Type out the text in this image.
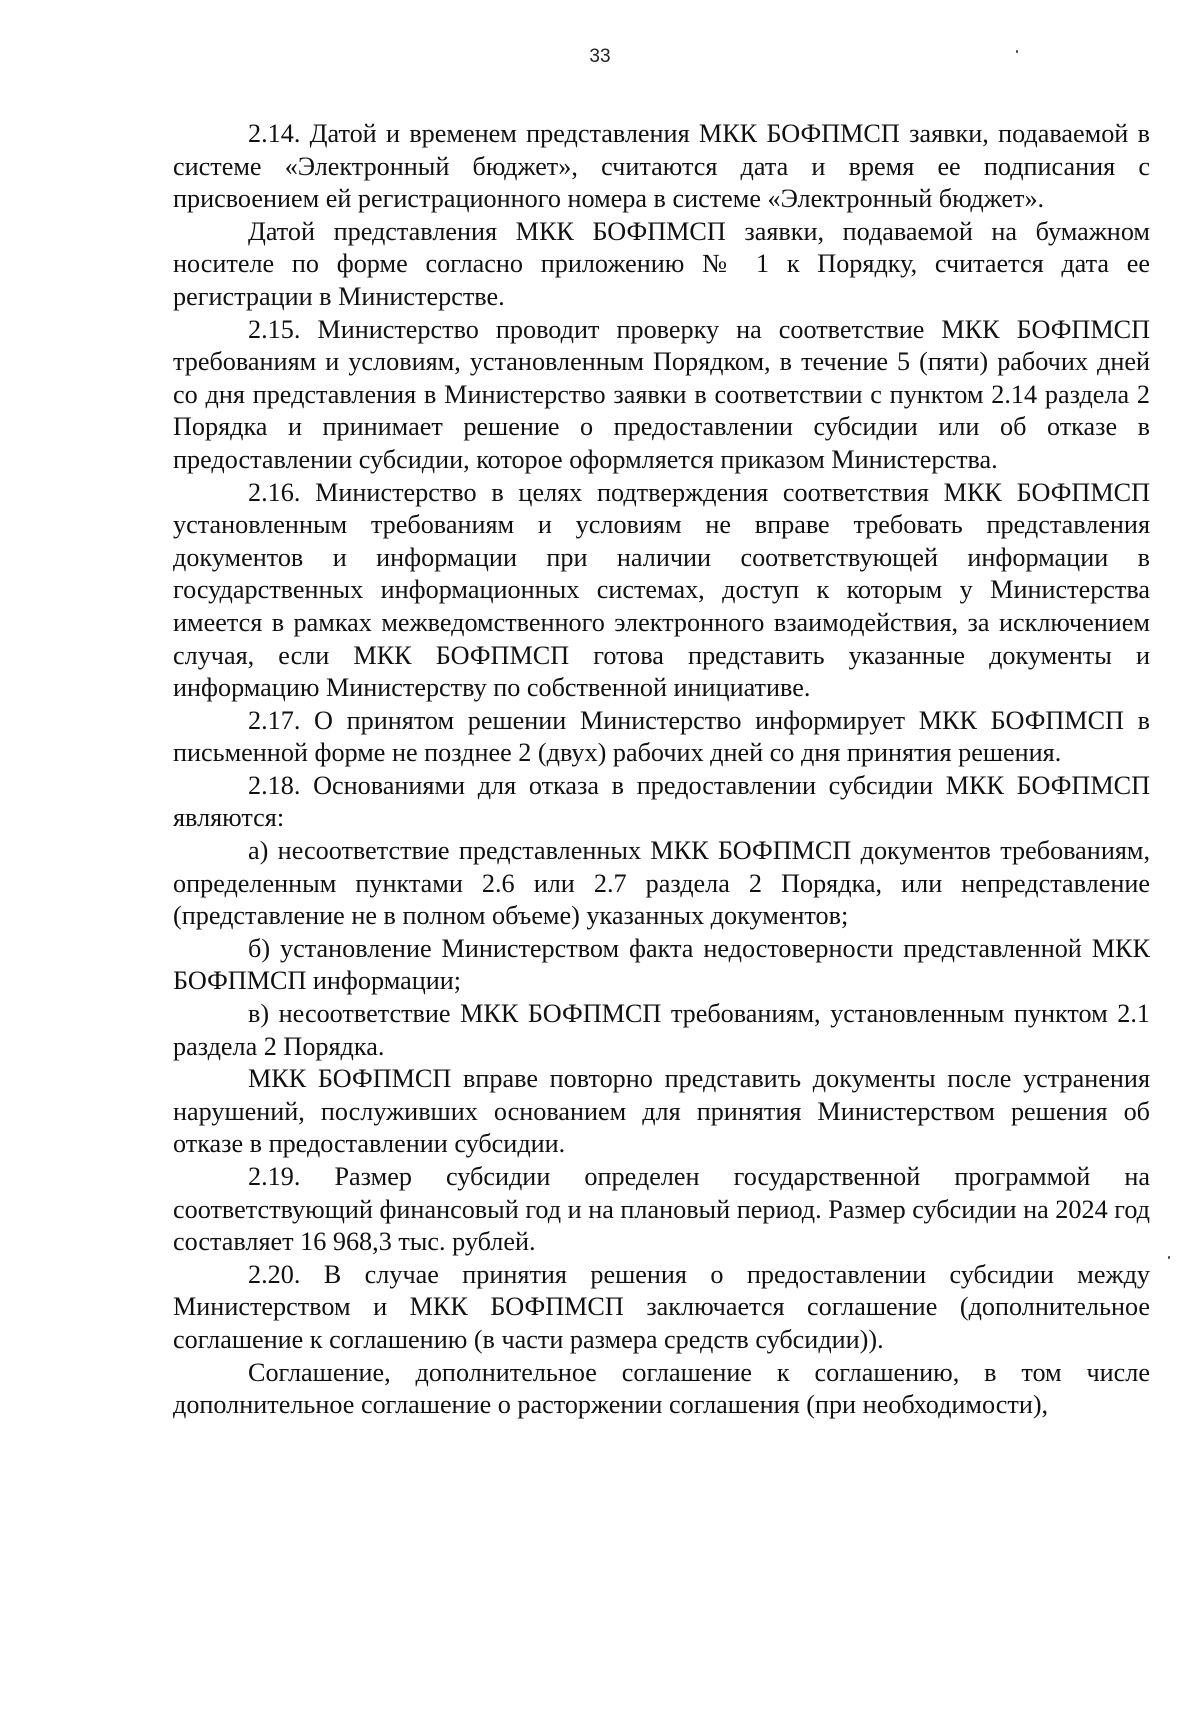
33

2.14. Датой и временем представления МКК БОФПМСП заявки, подаваемой в системе «Электронный бюджет», считаются дата и время ее подписания с присвоением ей регистрационного номера в системе «Электронный бюджет».

Датой представления МКК БОФПМСП заявки, подаваемой на бумажном носителе по форме согласно приложению № 1 к Порядку, считается дата ее регистрации в Министерстве.

2.15. Министерство проводит проверку на соответствие МКК БОФПМСП требованиям и условиям, установленным Порядком, в течение 5 (пяти) рабочих дней со дня представления в Министерство заявки в соответствии с пунктом 2.14 раздела 2 Порядка и принимает решение о предоставлении субсидии или об отказе в предоставлении субсидии, которое оформляется приказом Министерства.

2.16. Министерство в целях подтверждения соответствия МКК БОФПМСП установленным требованиям и условиям не вправе требовать представления документов и информации при наличии соответствующей информации в государственных информационных системах, доступ к которым у Министерства имеется в рамках межведомственного электронного взаимодействия, за исключением случая, если МКК БОФПМСП готова представить указанные документы и информацию Министерству по собственной инициативе.

2.17. О принятом решении Министерство информирует МКК БОФПМСП в письменной форме не позднее 2 (двух) рабочих дней со дня принятия решения.

2.18. Основаниями для отказа в предоставлении субсидии МКК БОФПМСП являются:

а) несоответствие представленных МКК БОФПМСП документов требованиям, определенным пунктами 2.6 или 2.7 раздела 2 Порядка, или непредставление (представление не в полном объеме) указанных документов;

б) установление Министерством факта недостоверности представленной МКК БОФПМСП информации;

в) несоответствие МКК БОФПМСП требованиям, установленным пунктом 2.1 раздела 2 Порядка.

МКК БОФПМСП вправе повторно представить документы после устранения нарушений, послуживших основанием для принятия Министерством решения об отказе в предоставлении субсидии.

2.19. Размер субсидии определен государственной программой на соответствующий финансовый год и на плановый период. Размер субсидии на 2024 год составляет 16 968,3 тыс. рублей.

2.20. В случае принятия решения о предоставлении субсидии между Министерством и МКК БОФПМСП заключается соглашение (дополнительное соглашение к соглашению (в части размера средств субсидии)).

Соглашение, дополнительное соглашение к соглашению, в том числе дополнительное соглашение о расторжении соглашения (при необходимости),
